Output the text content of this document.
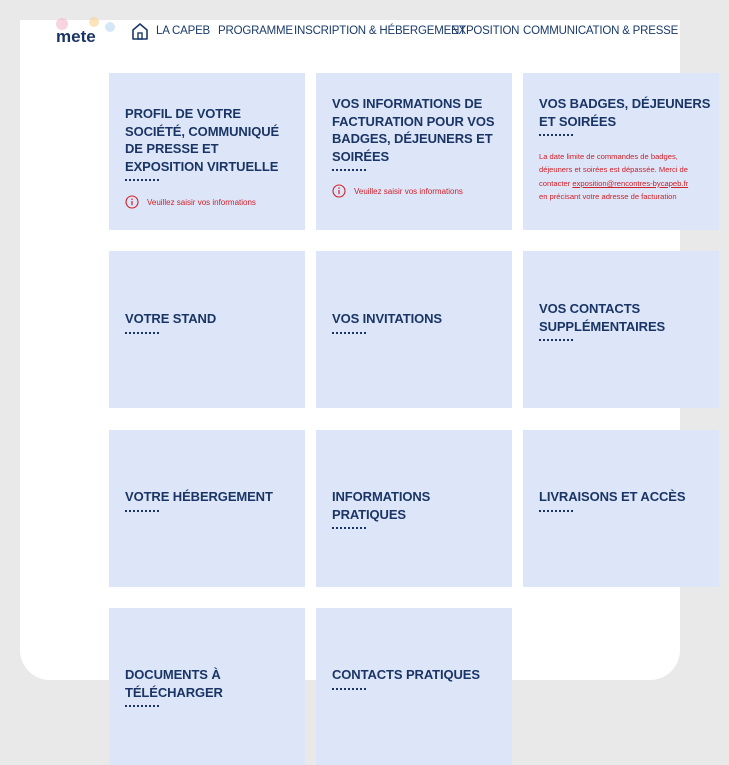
mete	LA CAPEB PROGRAMME INSCRIPTION & HÉBERGEMENT
EXPOSITION COMMUNICATION & PRESSE
PROFIL DE VOTRE SOCIÉTÉ, COMMUNIQUÉ DE PRESSE ET EXPOSITION VIRTUELLE
Veuillez saisir vos informations
VOS INFORMATIONS DE FACTURATION POUR VOS BADGES, DÉJEUNERS ET SOIRÉES
Veuillez saisir vos informations
VOS BADGES, DÉJEUNERS ET SOIRÉES
La date limite de commandes de badges,
déjeuners et soirées est dépassée. Merci de
contacter exposition@rencontres-bycapeb.fr
en précisant votre adresse de facturation
VOTRE STAND	VOS INVITATIONS
VOS CONTACTS SUPPLÉMENTAIRES
VOTRE HÉBERGEMENT	INFORMATIONS PRATIQUES
LIVRAISONS ET ACCÈS
DOCUMENTS À TÉLÉCHARGER
CONTACTS PRATIQUES
